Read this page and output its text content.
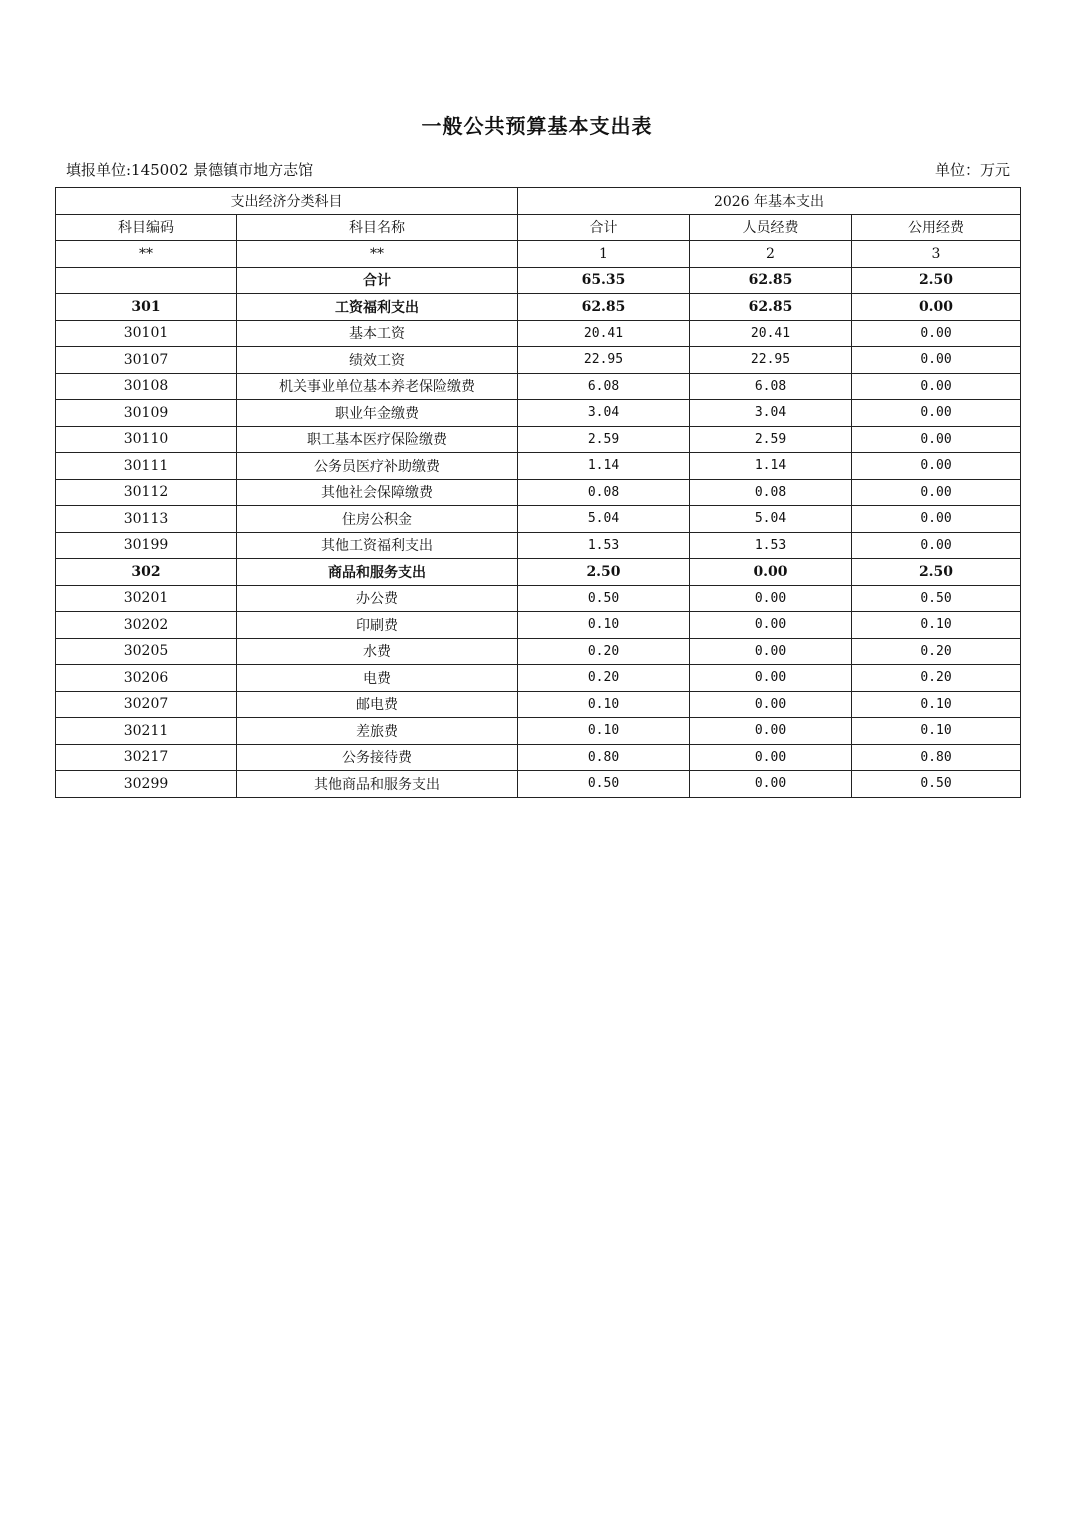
一般公共预算基本支出表
填报单位:145002 景德镇市地方志馆	单位：万元
支出经济分类科目		2026 年基本支出		
科目编码	科目名称	合计	人员经费	公用经费
**	**	1	2	3
	合计	65.35	62.85	2.50
301	工资福利支出	62.85	62.85	0.00
30101	基本工资	20.41	20.41	0.00
30107	绩效工资	22.95	22.95	0.00
30108	机关事业单位基本养老保险缴费	6.08	6.08	0.00
30109	职业年金缴费	3.04	3.04	0.00
30110	职工基本医疗保险缴费	2.59	2.59	0.00
30111	公务员医疗补助缴费	1.14	1.14	0.00
30112	其他社会保障缴费	0.08	0.08	0.00
30113	住房公积金	5.04	5.04	0.00
30199	其他工资福利支出	1.53	1.53	0.00
302	商品和服务支出	2.50	0.00	2.50
30201	办公费	0.50	0.00	0.50
30202	印刷费	0.10	0.00	0.10
30205	水费	0.20	0.00	0.20
30206	电费	0.20	0.00	0.20
30207	邮电费	0.10	0.00	0.10
30211	差旅费	0.10	0.00	0.10
30217	公务接待费	0.80	0.00	0.80
30299	其他商品和服务支出	0.50	0.00	0.50
